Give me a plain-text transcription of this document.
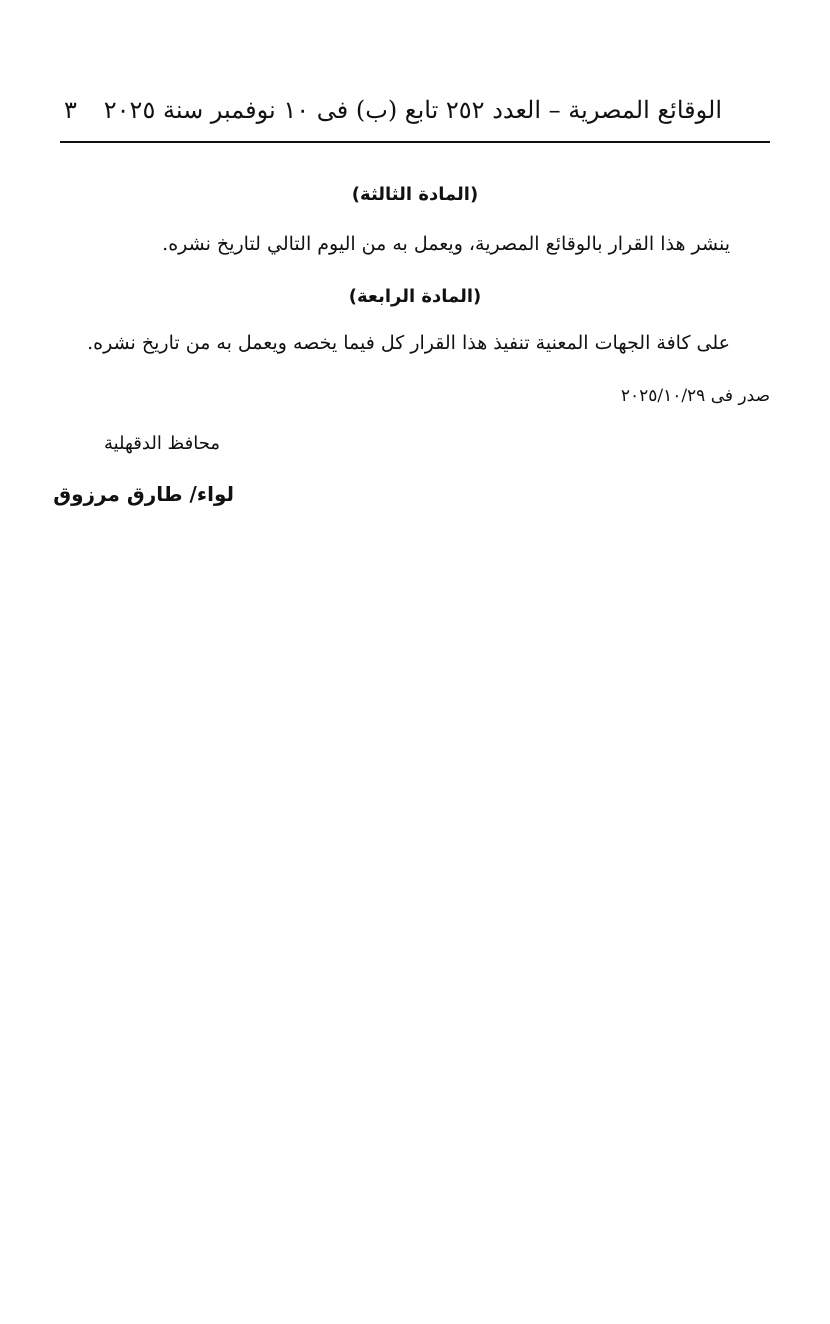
الوقائع المصرية – العدد ٢٥٢ تابع (ب) فى ١٠ نوفمبر سنة ٢٠٢٥
٣
(المادة الثالثة)
ينشر هذا القرار بالوقائع المصرية، ويعمل به من اليوم التالي لتاريخ نشره.
(المادة الرابعة)
على كافة الجهات المعنية تنفيذ هذا القرار كل فيما يخصه ويعمل به من تاريخ نشره.
صدر فى ٢٠٢٥/١٠/٢٩
محافظ الدقهلية
لواء/ طارق مرزوق
